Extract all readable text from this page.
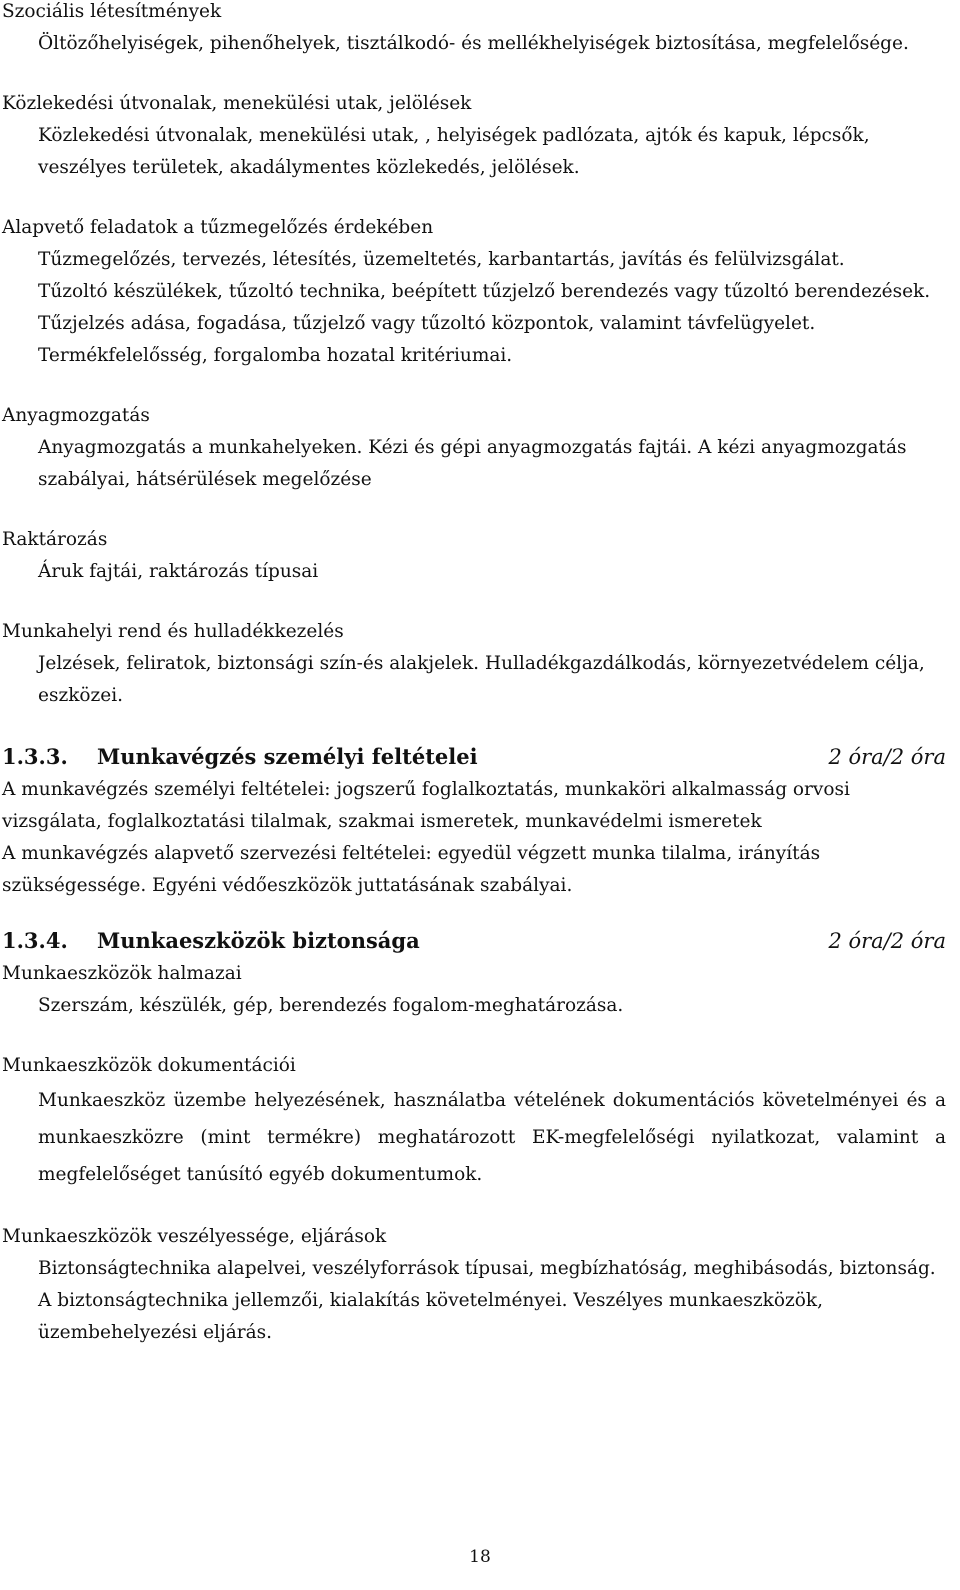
Szociális létesítmények

Öltözőhelyiségek, pihenőhelyek, tisztálkodó- és mellékhelyiségek biztosítása, megfelelősége.

Közlekedési útvonalak, menekülési utak, jelölések

Közlekedési útvonalak, menekülési utak, , helyiségek padlózata, ajtók és kapuk, lépcsők, veszélyes területek, akadálymentes közlekedés, jelölések.

Alapvető feladatok a tűzmegelőzés érdekében

Tűzmegelőzés, tervezés, létesítés, üzemeltetés, karbantartás, javítás és felülvizsgálat.

Tűzoltó készülékek, tűzoltó technika, beépített tűzjelző berendezés vagy tűzoltó berendezések. Tűzjelzés adása, fogadása, tűzjelző vagy tűzoltó központok, valamint távfelügyelet.

Termékfelelősség, forgalomba hozatal kritériumai.

Anyagmozgatás

Anyagmozgatás a munkahelyeken. Kézi és gépi anyagmozgatás fajtái. A kézi anyagmozgatás szabályai, hátsérülések megelőzése

Raktározás

Áruk fajtái, raktározás típusai

Munkahelyi rend és hulladékkezelés

Jelzések, feliratok, biztonsági szín-és alakjelek. Hulladékgazdálkodás, környezetvédelem célja, eszközei.

1.3.3.	Munkavégzés személyi feltételei	2 óra/2 óra

A munkavégzés személyi feltételei: jogszerű foglalkoztatás, munkaköri alkalmasság orvosi vizsgálata, foglalkoztatási tilalmak, szakmai ismeretek, munkavédelmi ismeretek

A munkavégzés alapvető szervezési feltételei: egyedül végzett munka tilalma, irányítás szükségessége. Egyéni védőeszközök juttatásának szabályai.

1.3.4.	Munkaeszközök biztonsága	2 óra/2 óra
Munkaeszközök halmazai

Szerszám, készülék, gép, berendezés fogalom-meghatározása.

Munkaeszközök dokumentációi

Munkaeszköz üzembe helyezésének, használatba vételének dokumentációs követelményei és a munkaeszközre (mint termékre) meghatározott EK-megfelelőségi nyilatkozat, valamint a megfelelőséget tanúsító egyéb dokumentumok.

Munkaeszközök veszélyessége, eljárások

Biztonságtechnika alapelvei, veszélyforrások típusai, megbízhatóság, meghibásodás, biztonság. A biztonságtechnika jellemzői, kialakítás követelményei. Veszélyes munkaeszközök, üzembehelyezési eljárás.

18
